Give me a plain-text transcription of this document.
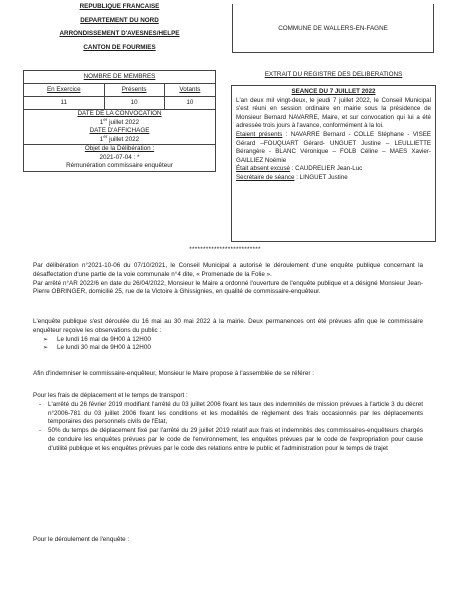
REPUBLIQUE FRANCAISE
DEPARTEMENT DU NORD
ARRONDISSEMENT D'AVESNES/HELPE
CANTON DE FOURMIES
COMMUNE DE WALLERS-EN-FAGNE
NOMBRE DE MEMBRES		
En Exercice	Présents	Votants
11	10	10

DATE DE LA CONVOCATION
1er juillet 2022
DATE D'AFFICHAGE
1er juillet 2022		

Objet de la Délibération :
2021-07-04 : *
Rémunération commissaire enquêteur		
EXTRAIT DU REGISTRE DES DELIBERATIONS
SEANCE DU 7 JUILLET 2022

L'an deux mil vingt-deux, le jeudi 7 juillet 2022, le Conseil Municipal s'est réuni en session ordinaire en mairie sous la présidence de Monsieur Bernard NAVARRE, Maire, et sur convocation qui lui a été adressée trois jours à l'avance, conformément à la loi.

Etaient présents : NAVARRE Bernard - COLLE Stéphane - VISEE Gérard –FOUQUART Gérard- UNGUET Justine – LEULLIETTE Bérangère - BLANC Véronique – FOLB Céline – MAES Xavier-GAILLIEZ Noémie

Était absent excusé : CAUDRELIER Jean-Luc

Secrétaire de séance : LINGUET Justine

**************************

Par délibération n°2021-10-06 du 07/10/2021, le Conseil Municipal a autorisé le déroulement d'une enquête publique concernant la désaffectation d'une partie de la voie communale n°4 dite, « Promenade de la Folie ».

Par arrêté n°AR 2022/6 en date du 26/04/2022, Monsieur le Maire a ordonné l'ouverture de l'enquête publique et a désigné Monsieur Jean-Pierre OBRINGER, domicilié 25, rue de la Victoire à Ghissignies, en qualité de commissaire-enquêteur.

L'enquête publique s'est déroulée du 16 mai au 30 mai 2022 à la mairie. Deux permanences ont été prévues afin que le commissaire enquêteur reçoive les observations du public :

➢ Le lundi 16 mai de 9H00 à 12H00

➢ Le lundi 30 mai de 9H00 à 12H00

Afin d'indemniser le commissaire-enquêteur, Monsieur le Maire propose à l'assemblée de se référer :

Pour les frais de déplacement et le temps de transport :

- L'arrêté du 26 février 2019 modifiant l'arrêté du 03 juillet 2006 fixant les taux des indemnités de mission prévues à l'article 3 du décret n°2006-781 du 03 juillet 2006 fixant les conditions et les modalités de règlement des frais occasionnés par les déplacements temporaires des personnels civils de l'Etat,

- 50% du temps de déplacement fixé par l'arrêté du 29 juillet 2019 relatif aux frais et indemnités des commissaires-enquêteurs chargés de conduire les enquêtes prévues par le code de l'environnement, les enquêtes prévues par le code de l'expropriation pour cause d'utilité publique et les enquêtes prévues par le code des relations entre le public et l'administration pour le temps de trajet

Pour le déroulement de l'enquête :
